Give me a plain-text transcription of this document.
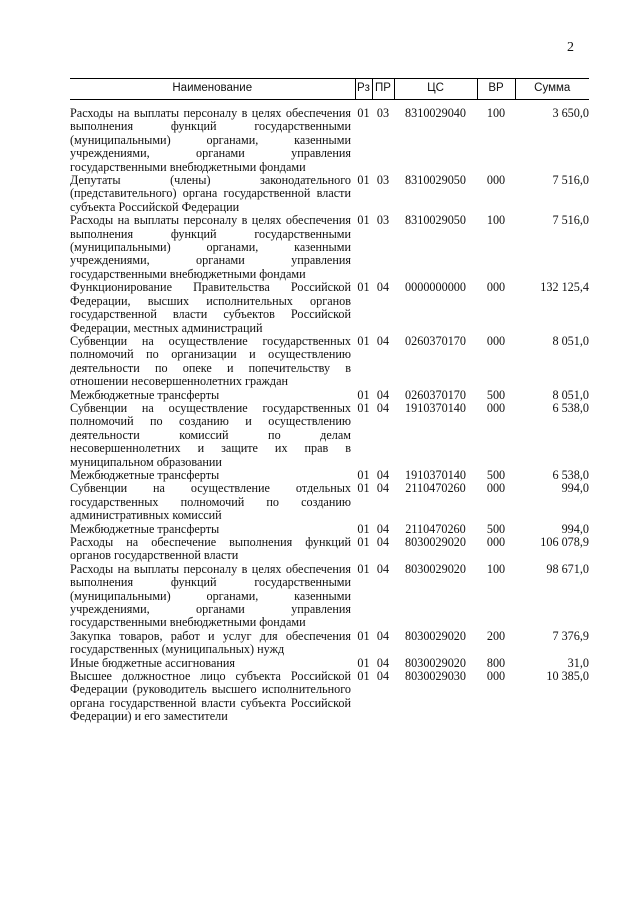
2
Наименование	Рз	ПР	ЦС	ВР	Сумма
Расходы на выплаты персоналу в целях обеспечения выполнения функций государственными (муниципальными) органами, казенными учреждениями, органами управления государственными внебюджетными фондами	01	03	8310029040	100	3 650,0
Депутаты (члены) законодательного (представительного) органа государственной власти субъекта Российской Федерации	01	03	8310029050	000	7 516,0
Расходы на выплаты персоналу в целях обеспечения выполнения функций государственными (муниципальными) органами, казенными учреждениями, органами управления государственными внебюджетными фондами	01	03	8310029050	100	7 516,0
Функционирование Правительства Российской Федерации, высших исполнительных органов государственной власти субъектов Российской Федерации, местных администраций	01	04	0000000000	000	132 125,4
Субвенции на осуществление государственных полномочий по организации и осуществлению деятельности по опеке и попечительству в отношении несовершеннолетних граждан	01	04	0260370170	000	8 051,0
Межбюджетные трансферты	01	04	0260370170	500	8 051,0
Субвенции на осуществление государственных полномочий по созданию и осуществлению деятельности комиссий по делам несовершеннолетних и защите их прав в муниципальном образовании	01	04	1910370140	000	6 538,0
Межбюджетные трансферты	01	04	1910370140	500	6 538,0
Субвенции на осуществление отдельных государственных полномочий по созданию административных комиссий	01	04	2110470260	000	994,0
Межбюджетные трансферты	01	04	2110470260	500	994,0
Расходы на обеспечение выполнения функций органов государственной власти	01	04	8030029020	000	106 078,9
Расходы на выплаты персоналу в целях обеспечения выполнения функций государственными (муниципальными) органами, казенными учреждениями, органами управления государственными внебюджетными фондами	01	04	8030029020	100	98 671,0
Закупка товаров, работ и услуг для обеспечения государственных (муниципальных) нужд	01	04	8030029020	200	7 376,9
Иные бюджетные ассигнования	01	04	8030029020	800	31,0
Высшее должностное лицо субъекта Российской Федерации (руководитель высшего исполнительного органа государственной власти субъекта Российской Федерации) и его заместители	01	04	8030029030	000	10 385,0
